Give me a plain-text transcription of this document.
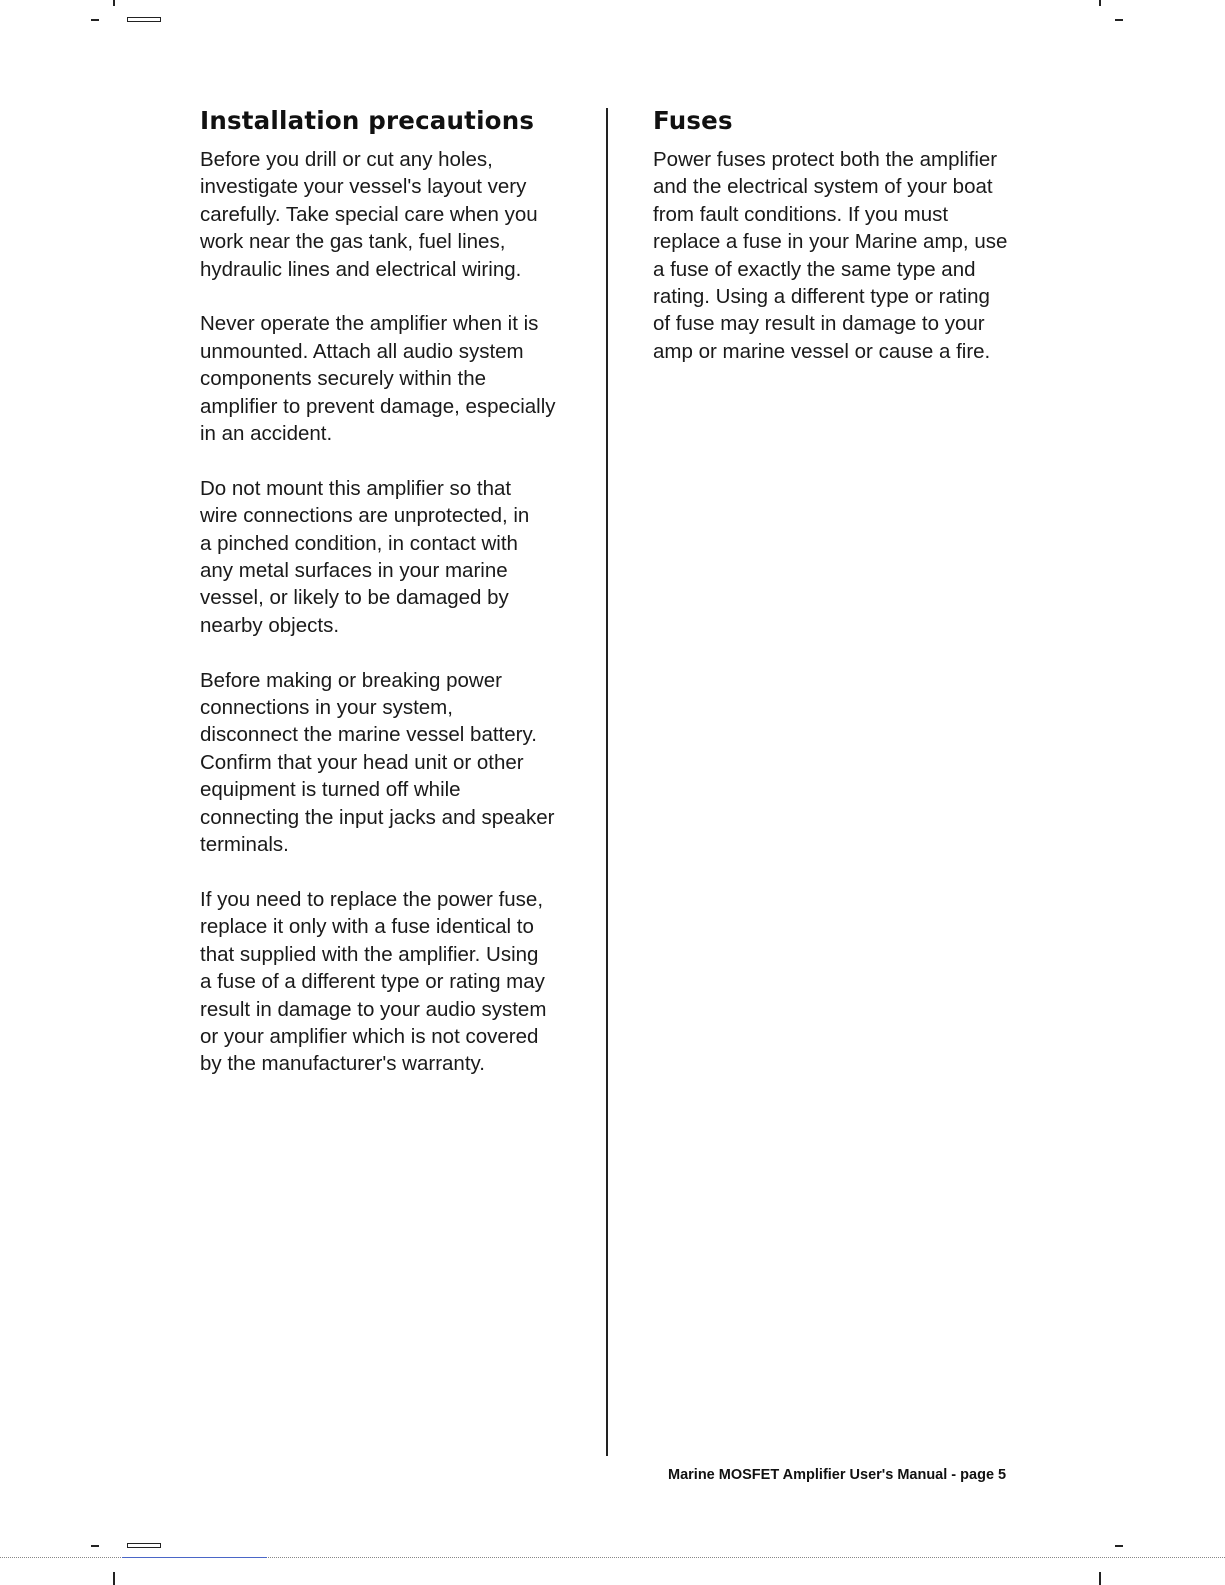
Installation precautions

Before you drill or cut any holes,
investigate your vessel's layout very
carefully. Take special care when you
work near the gas tank, fuel lines,
hydraulic lines and electrical wiring.

Never operate the amplifier when it is
unmounted. Attach all audio system
components securely within the
amplifier to prevent damage, especially
in an accident.

Do not mount this amplifier so that
wire connections are unprotected, in
a pinched condition, in contact with
any metal surfaces in your marine
vessel, or likely to be damaged by
nearby objects.

Before making or breaking power
connections in your system,
disconnect the marine vessel battery.
Confirm that your head unit or other
equipment is turned off while
connecting the input jacks and speaker
terminals.

If you need to replace the power fuse,
replace it only with a fuse identical to
that supplied with the amplifier. Using
a fuse of a different type or rating may
result in damage to your audio system
or your amplifier which is not covered
by the manufacturer's warranty.

Fuses

Power fuses protect both the amplifier
and the electrical system of your boat
from fault conditions. If you must
replace a fuse in your Marine amp, use
a fuse of exactly the same type and
rating. Using a different type or rating
of fuse may result in damage to your
amp or marine vessel or cause a fire.

Marine MOSFET Amplifier User's Manual - page 5
